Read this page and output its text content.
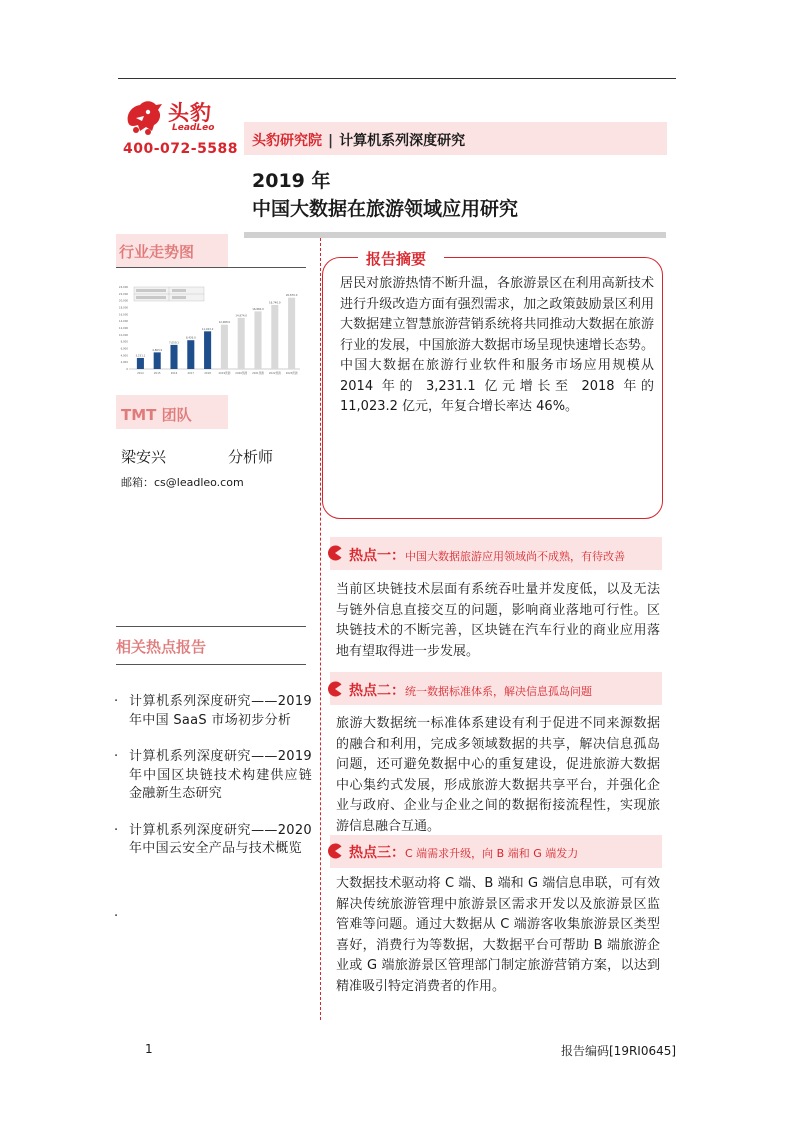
头豹
LeadLeo
400-072-5588 头豹研究院 | 计算机系列深度研究
2019 年
中国大数据在旅游领域应用研究
行业走势图
0
2,000
4,000
6,000
8,000
10,000
12,000
14,000
16,000
18,000
20,000
22,000
24,000
3,231.1
4,863.9
7,059.1
8,426.0
11,023.2
12,968.0
14,974.0
16,860.0
18,740.0
20,870.0
2014	2015	2016	2017	2018	2019预测 2020预测 2021预测 2022预测 2023预测
TMT 团队
梁安兴	分析师
邮箱：cs@leadleo.com
相关热点报告
· 计算机系列深度研究——2019 年中国 SaaS 市场初步分析
· 计算机系列深度研究——2019 年中国区块链技术构建供应链金融新生态研究
· 计算机系列深度研究——2020 年中国云安全产品与技术概览
·
报告摘要
居民对旅游热情不断升温，各旅游景区在利用高新技术进行升级改造方面有强烈需求，加之政策鼓励景区利用大数据建立智慧旅游营销系统将共同推动大数据在旅游行业的发展，中国旅游大数据市场呈现快速增长态势。中国大数据在旅游行业软件和服务市场应用规模从 2014 年的 3,231.1 亿元增长至 2018 年的 11,023.2 亿元，年复合增长率达 46%。
热点一：中国大数据旅游应用领域尚不成熟，有待改善
当前区块链技术层面有系统吞吐量并发度低，以及无法与链外信息直接交互的问题，影响商业落地可行性。区块链技术的不断完善，区块链在汽车行业的商业应用落地有望取得进一步发展。
热点二：统一数据标准体系，解决信息孤岛问题
旅游大数据统一标准体系建设有利于促进不同来源数据的融合和利用，完成多领域数据的共享，解决信息孤岛问题，还可避免数据中心的重复建设，促进旅游大数据中心集约式发展，形成旅游大数据共享平台，并强化企业与政府、企业与企业之间的数据衔接流程性，实现旅游信息融合互通。
热点三：C 端需求升级，向 B 端和 G 端发力
大数据技术驱动将 C 端、B 端和 G 端信息串联，可有效解决传统旅游管理中旅游景区需求开发以及旅游景区监管难等问题。通过大数据从 C 端游客收集旅游景区类型喜好，消费行为等数据，大数据平台可帮助 B 端旅游企业或 G 端旅游景区管理部门制定旅游营销方案，以达到精准吸引特定消费者的作用。
1	报告编码[19RI0645]
